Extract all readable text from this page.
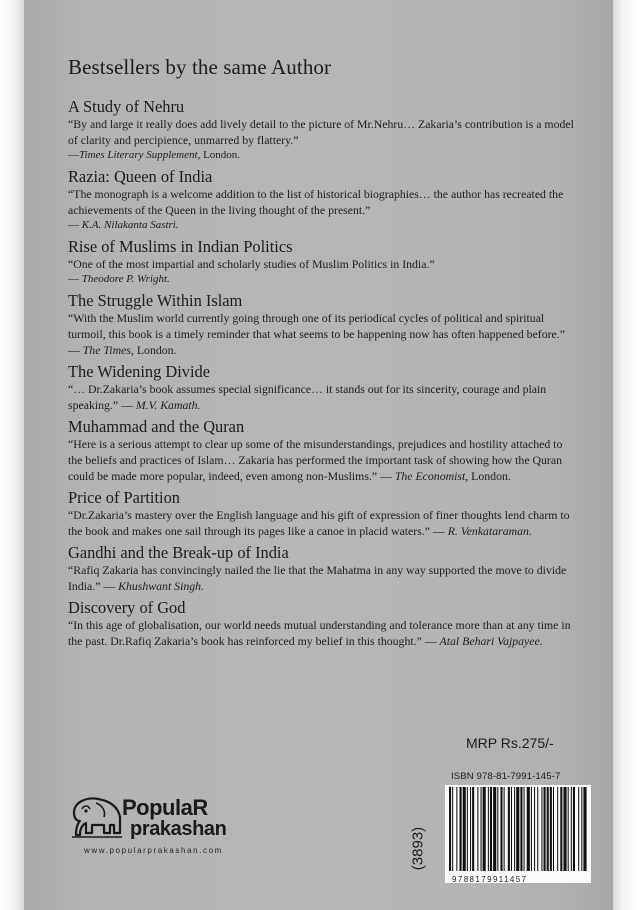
Bestsellers by the same Author
A Study of Nehru
“By and large it really does add lively detail to the picture of Mr.Nehru… Zakaria’s contribution is a model of clarity and percipience, unmarred by flattery.”
—Times Literary Supplement, London.
Razia: Queen of India
“The monograph is a welcome addition to the list of historical biographies… the author has recreated the achievements of the Queen in the living thought of the present.”
— K.A. Nilakanta Sastri.
Rise of Muslims in Indian Politics
“One of the most impartial and scholarly studies of Muslim Politics in India.”
— Theodore P. Wright.
The Struggle Within Islam
“With the Muslim world currently going through one of its periodical cycles of political and spiritual turmoil, this book is a timely reminder that what seems to be happening now has often happened before.” — The Times, London.
The Widening Divide
“… Dr.Zakaria’s book assumes special significance… it stands out for its sincerity, courage and plain speaking.” — M.V. Kamath.
Muhammad and the Quran
“Here is a serious attempt to clear up some of the misunderstandings, prejudices and hostility attached to the beliefs and practices of Islam… Zakaria has performed the important task of showing how the Quran could be made more popular, indeed, even among non-Muslims.” — The Economist, London.
Price of Partition
“Dr.Zakaria’s mastery over the English language and his gift of expression of finer thoughts lend charm to the book and makes one sail through its pages like a canoe in placid waters.” — R. Venkataraman.
Gandhi and the Break-up of India
“Rafiq Zakaria has convincingly nailed the lie that the Mahatma in any way supported the move to divide India.” — Khushwant Singh.
Discovery of God
“In this age of globalisation, our world needs mutual understanding and tolerance more than at any time in the past. Dr.Rafiq Zakaria’s book has reinforced my belief in this thought.” — Atal Behari Vajpayee.
MRP Rs.275/-
ISBN 978-81-7991-145-7
9788179911457
(3893)
PopulaR
prakashan
www.popularprakashan.com
